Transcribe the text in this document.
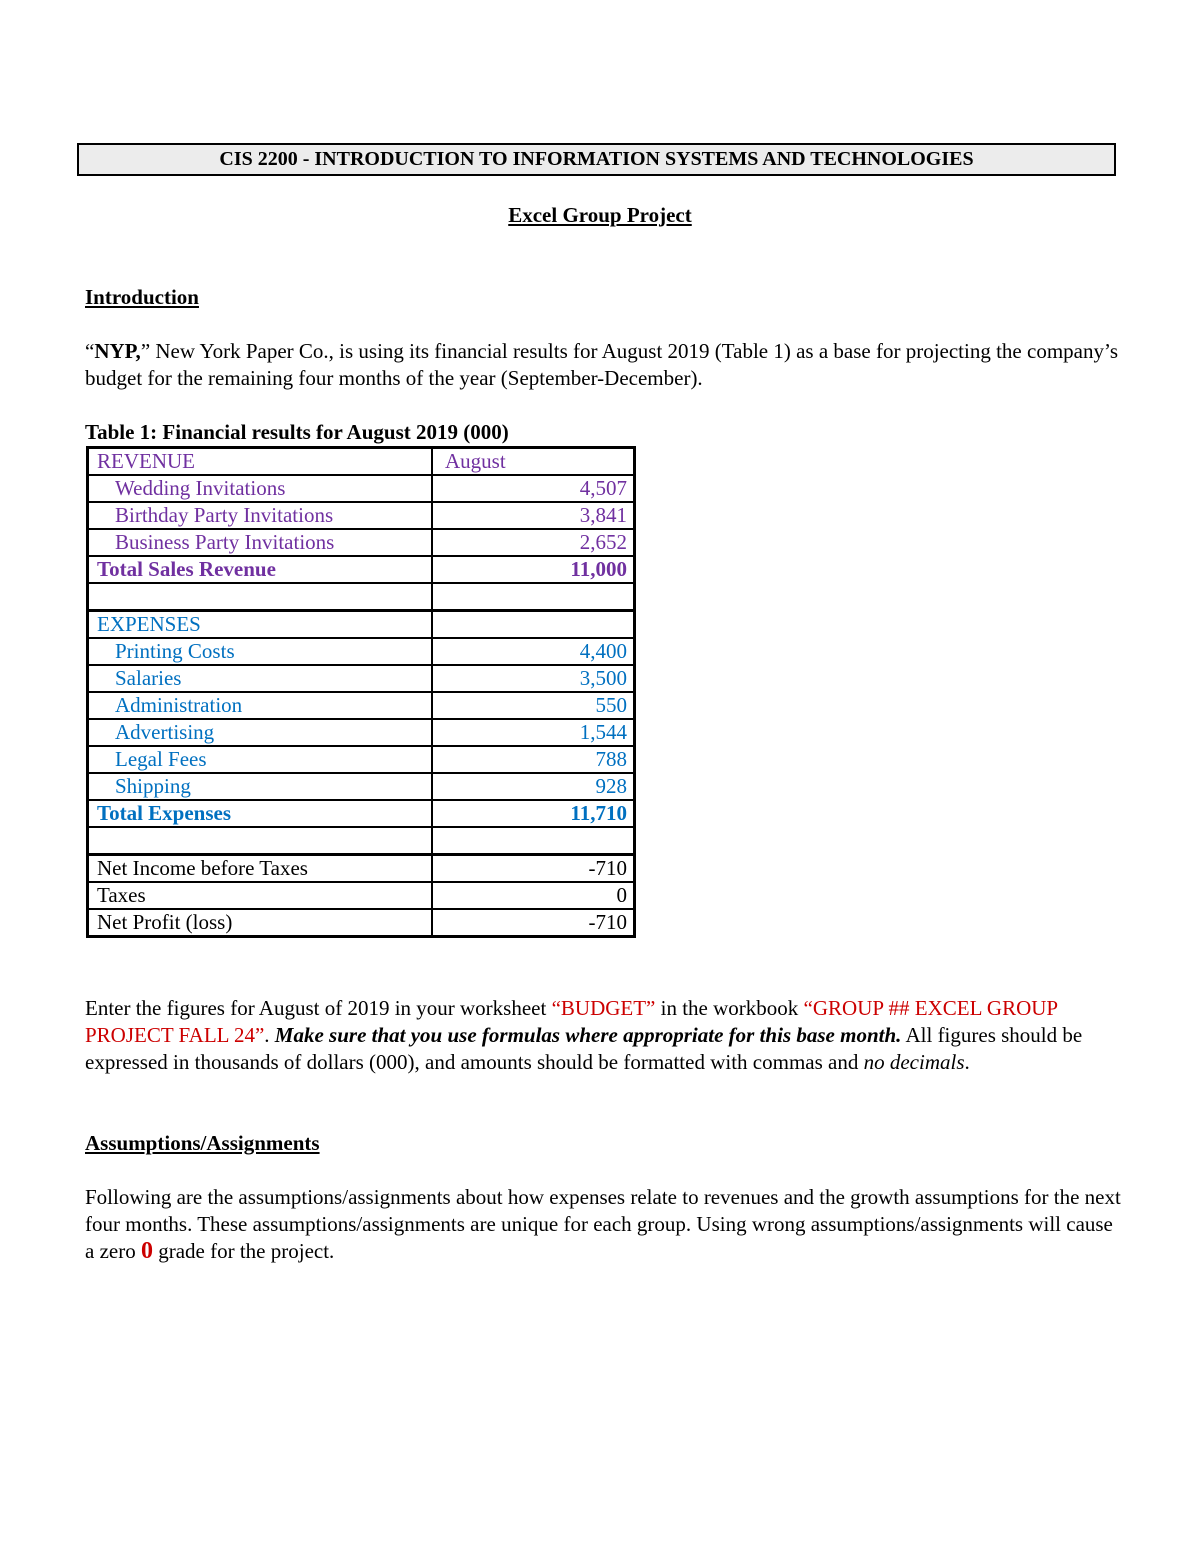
CIS 2200 - INTRODUCTION TO INFORMATION SYSTEMS AND TECHNOLOGIES
Excel Group Project
Introduction
“NYP,” New York Paper Co., is using its financial results for August 2019 (Table 1) as a base for projecting the company’s budget for the remaining four months of the year (September-December).
Table 1: Financial results for August 2019 (000)
REVENUE	August
Wedding Invitations	4,507
Birthday Party Invitations	3,841
Business Party Invitations	2,652
Total Sales Revenue	11,000

EXPENSES	
Printing Costs	4,400
Salaries	3,500
Administration	550
Advertising	1,544
Legal Fees	788
Shipping	928
Total Expenses	11,710

Net Income before Taxes	-710
Taxes	0
Net Profit (loss)	-710
Enter the figures for August of 2019 in your worksheet “BUDGET” in the workbook “GROUP ## EXCEL GROUP PROJECT FALL 24”. Make sure that you use formulas where appropriate for this base month. All figures should be expressed in thousands of dollars (000), and amounts should be formatted with commas and no decimals.
Assumptions/Assignments
Following are the assumptions/assignments about how expenses relate to revenues and the growth assumptions for the next four months. These assumptions/assignments are unique for each group. Using wrong assumptions/assignments will cause a zero 0 grade for the project.
